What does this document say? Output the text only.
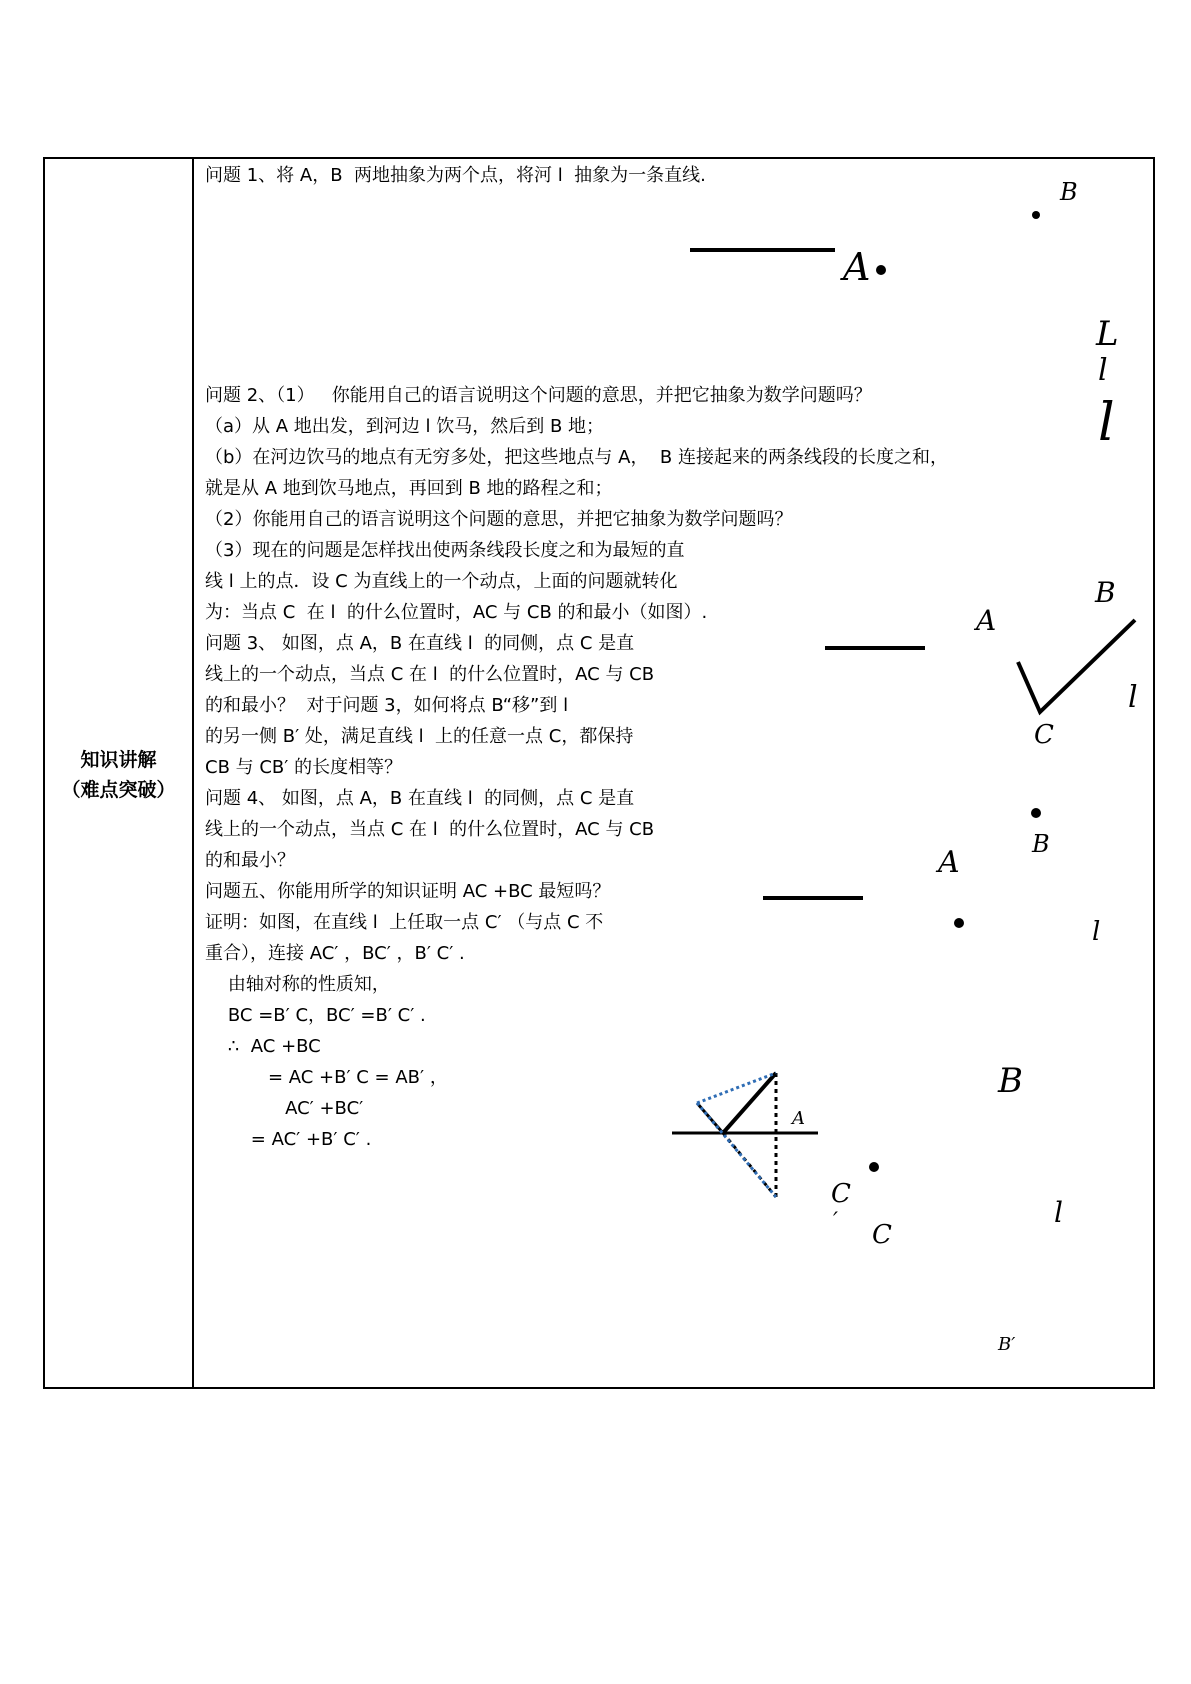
知识讲解
（难点突破）
问题 1、将 A，B  两地抽象为两个点，将河 l  抽象为一条直线.
问题 2、（1）   你能用自己的语言说明这个问题的意思，并把它抽象为数学问题吗？
（a）从 A 地出发，到河边 l 饮马，然后到 B 地；
（b）在河边饮马的地点有无穷多处，把这些地点与 A，  B 连接起来的两条线段的长度之和，
就是从 A 地到饮马地点，再回到 B 地的路程之和；
（2）你能用自己的语言说明这个问题的意思，并把它抽象为数学问题吗？
（3）现在的问题是怎样找出使两条线段长度之和为最短的直
线 l 上的点．设 C 为直线上的一个动点，上面的问题就转化
为：当点 C  在 l  的什么位置时，AC 与 CB 的和最小（如图）.
问题 3、 如图，点 A，B 在直线 l  的同侧，点 C 是直
线上的一个动点，当点 C 在 l  的什么位置时，AC 与 CB
的和最小？  对于问题 3，如何将点 B“移”到 l
的另一侧 B′ 处，满足直线 l  上的任意一点 C，都保持
CB 与 CB′ 的长度相等？
问题 4、 如图，点 A，B 在直线 l  的同侧，点 C 是直
线上的一个动点，当点 C 在 l  的什么位置时，AC 与 CB
的和最小？
问题五、你能用所学的知识证明 AC +BC 最短吗？
证明：如图，在直线 l  上任取一点 C′ （与点 C 不
重合），连接 AC′ ，BC′ ，B′ C′ .
由轴对称的性质知，
BC =B′ C，BC′ =B′ C′ .
∴  AC +BC
= AC +B′ C = AB′ ，
AC′ +BC′
= AC′ +B′ C′ .
B
A
L
l
l
B
A
l
C
B
A
l
B
A
C
′ C
l
B′
